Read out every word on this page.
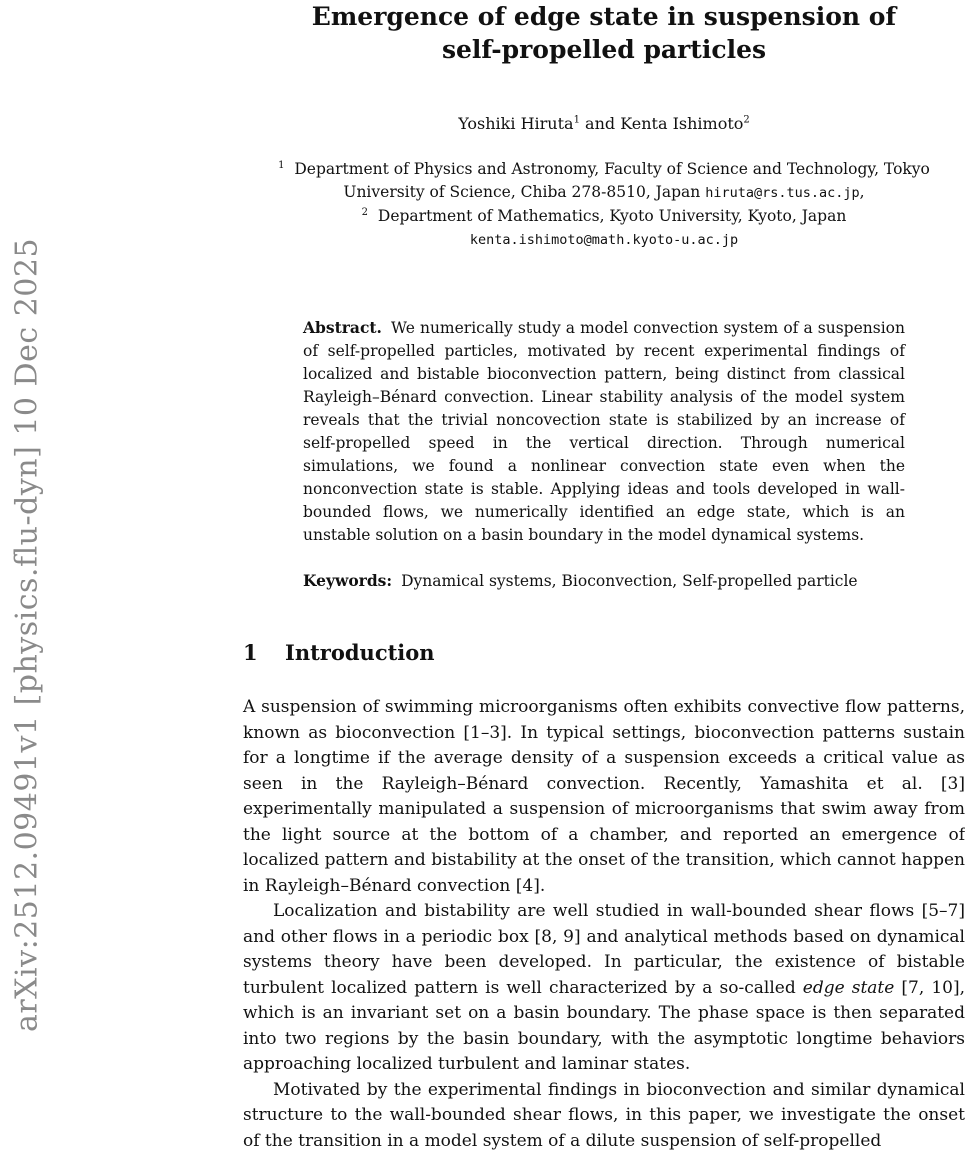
arXiv:2512.09491v1 [physics.flu-dyn] 10 Dec 2025
Emergence of edge state in suspension of
self-propelled particles
Yoshiki Hiruta$^1$ and Kenta Ishimoto$^2$
$^1$ Department of Physics and Astronomy, Faculty of Science and Technology, Tokyo
University of Science, Chiba 278-8510, Japan hiruta@rs.tus.ac.jp,
$^2$ Department of Mathematics, Kyoto University, Kyoto, Japan
kenta.ishimoto@math.kyoto-u.ac.jp

Abstract. We numerically study a model convection system of a suspension of self-propelled particles, motivated by recent experimental findings of localized and bistable bioconvection pattern, being distinct from classical Rayleigh–Bénard convection. Linear stability analysis of the model system reveals that the trivial noncovection state is stabilized by an increase of self-propelled speed in the vertical direction. Through numerical simulations, we found a nonlinear convection state even when the nonconvection state is stable. Applying ideas and tools developed in wall-bounded flows, we numerically identified an edge state, which is an unstable solution on a basin boundary in the model dynamical systems.

Keywords: Dynamical systems, Bioconvection, Self-propelled particle

1 Introduction

A suspension of swimming microorganisms often exhibits convective flow patterns, known as bioconvection [1–3]. In typical settings, bioconvection patterns sustain for a longtime if the average density of a suspension exceeds a critical value as seen in the Rayleigh–Bénard convection. Recently, Yamashita et al. [3] experimentally manipulated a suspension of microorganisms that swim away from the light source at the bottom of a chamber, and reported an emergence of localized pattern and bistability at the onset of the transition, which cannot happen in Rayleigh–Bénard convection [4].

Localization and bistability are well studied in wall-bounded shear flows [5–7] and other flows in a periodic box [8, 9] and analytical methods based on dynamical systems theory have been developed. In particular, the existence of bistable turbulent localized pattern is well characterized by a so-called edge state [7, 10], which is an invariant set on a basin boundary. The phase space is then separated into two regions by the basin boundary, with the asymptotic longtime behaviors approaching localized turbulent and laminar states.

Motivated by the experimental findings in bioconvection and similar dynamical structure to the wall-bounded shear flows, in this paper, we investigate the onset of the transition in a model system of a dilute suspension of self-propelled
